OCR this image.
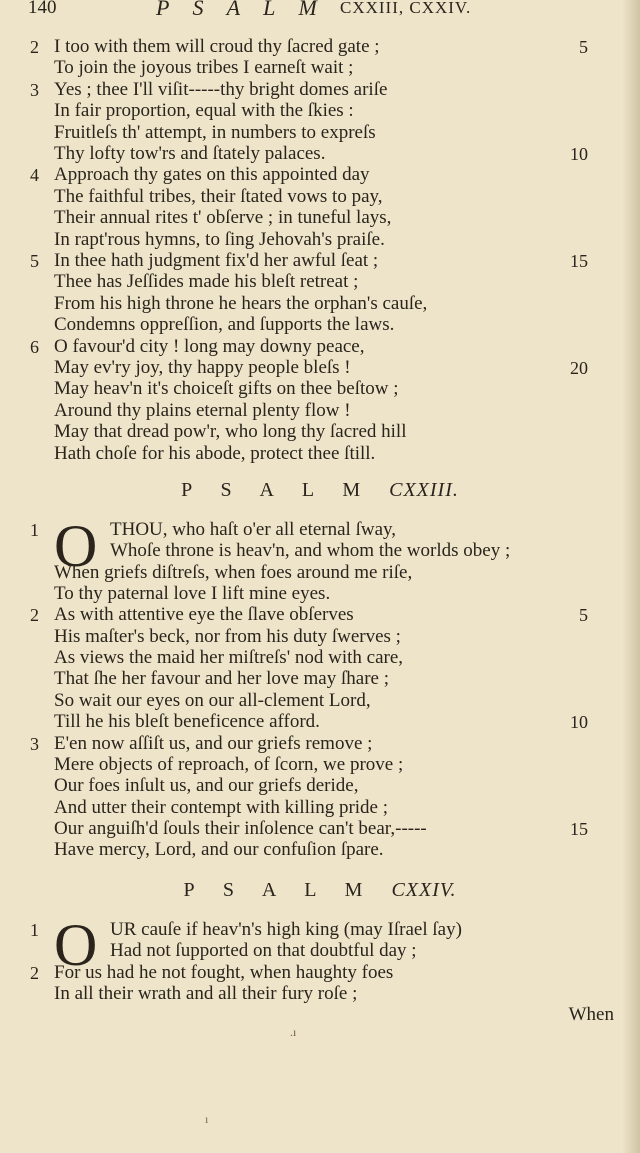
140	P S A L M CXXIII, CXXIV.
2 I too with them will croud thy ſacred gate ;	5
To join the joyous tribes I earneſt wait ;
3 Yes ; thee I'll viſit-----thy bright domes ariſe
In fair proportion, equal with the ſkies :
Fruitleſs th' attempt, in numbers to expreſs
Thy lofty tow'rs and ſtately palaces.	10
4 Approach thy gates on this appointed day
The faithful tribes, their ſtated vows to pay,
Their annual rites t' obſerve ; in tuneful lays,
In rapt'rous hymns, to ſing Jehovah's praiſe.
5 In thee hath judgment fix'd her awful ſeat ;	15
Thee has Jeſſides made his bleſt retreat ;
From his high throne he hears the orphan's cauſe,
Condemns oppreſſion, and ſupports the laws.
6 O favour'd city ! long may downy peace,
May ev'ry joy, thy happy people bleſs !	20
May heav'n it's choiceſt gifts on thee beſtow ;
Around thy plains eternal plenty flow !
May that dread pow'r, who long thy ſacred hill
Hath choſe for his abode, protect thee ſtill.
P S A L M CXXIII.
O
1	THOU, who haſt o'er all eternal ſway,
Whoſe throne is heav'n, and whom the worlds obey ;
When griefs diſtreſs, when foes around me riſe,
To thy paternal love I lift mine eyes.
2 As with attentive eye the ſlave obſerves	5
His maſter's beck, nor from his duty ſwerves ;
As views the maid her miſtreſs' nod with care,
That ſhe her favour and her love may ſhare ;
So wait our eyes on our all-clement Lord,
Till he his bleſt beneficence afford.	10
3 E'en now aſſiſt us, and our griefs remove ;
Mere objects of reproach, of ſcorn, we prove ;
Our foes inſult us, and our griefs deride,
And utter their contempt with killing pride ;
Our anguiſh'd ſouls their inſolence can't bear,-----	15
Have mercy, Lord, and our confuſion ſpare.
P S A L M CXXIV.
O
1	UR cauſe if heav'n's high king (may Iſrael ſay)
Had not ſupported on that doubtful day ;
2 For us had he not fought, when haughty foes
In all their wrath and all their fury roſe ;
When
.ı
ı
